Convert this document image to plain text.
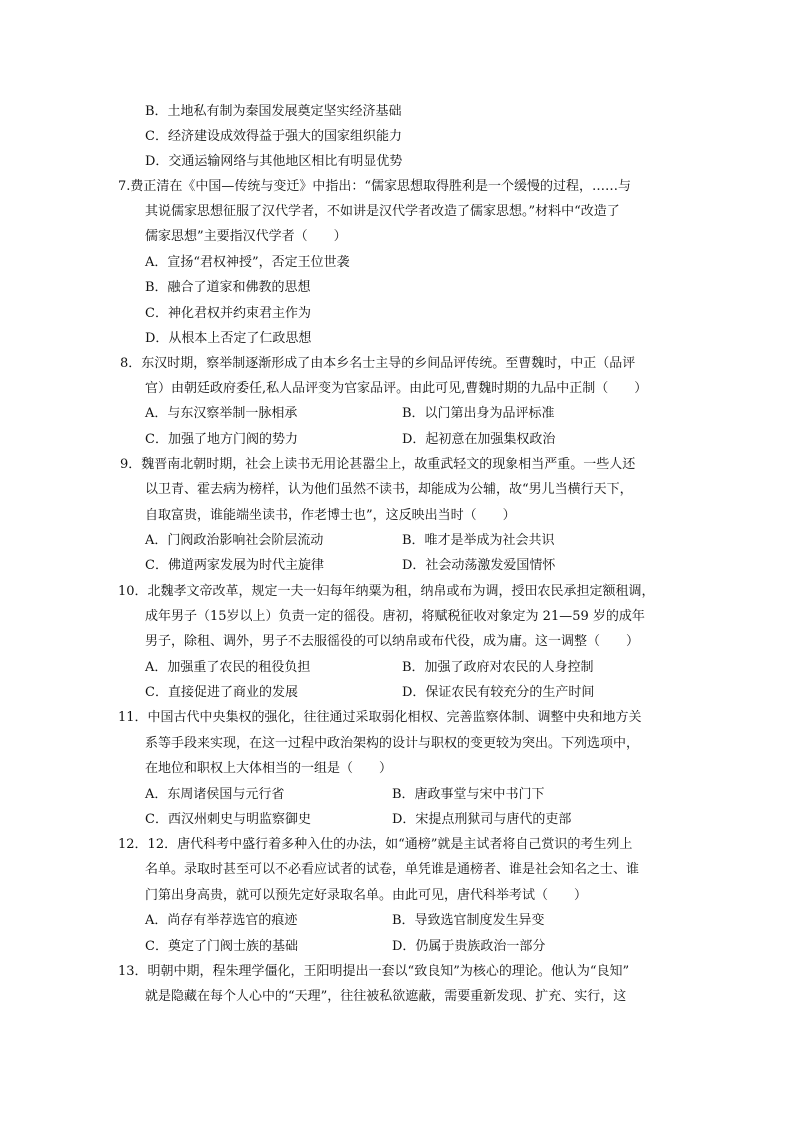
B．土地私有制为秦国发展奠定坚实经济基础
C．经济建设成效得益于强大的国家组织能力
D．交通运输网络与其他地区相比有明显优势
7.费正清在《中国—传统与变迁》中指出：“儒家思想取得胜利是一个缓慢的过程，……与
其说儒家思想征服了汉代学者，不如讲是汉代学者改造了儒家思想。”材料中“改造了
儒家思想”主要指汉代学者（　　）
A．宣扬“君权神授”，否定王位世袭
B．融合了道家和佛教的思想
C．神化君权并约束君主作为
D．从根本上否定了仁政思想
8．东汉时期，察举制逐渐形成了由本乡名士主导的乡间品评传统。至曹魏时，中正（品评
官）由朝廷政府委任,私人品评变为官家品评。由此可见,曹魏时期的九品中正制（　　）
A．与东汉察举制一脉相承	B．以门第出身为品评标准
C．加强了地方门阀的势力	D．起初意在加强集权政治
9．魏晋南北朝时期，社会上读书无用论甚嚣尘上，故重武轻文的现象相当严重。一些人还
以卫青、霍去病为榜样，认为他们虽然不读书，却能成为公辅，故“男儿当横行天下，
自取富贵，谁能端坐读书，作老博士也”，这反映出当时（　　）
A．门阀政治影响社会阶层流动	B．唯才是举成为社会共识
C．佛道两家发展为时代主旋律	D．社会动荡激发爱国情怀
10．北魏孝文帝改革，规定一夫一妇每年纳粟为租，纳帛或布为调，授田农民承担定额租调，
成年男子（15岁以上）负责一定的徭役。唐初，将赋税征收对象定为 21—59 岁的成年
男子，除租、调外，男子不去服徭役的可以纳帛或布代役，成为庸。这一调整（　　）
A．加强重了农民的租役负担	B．加强了政府对农民的人身控制
C．直接促进了商业的发展	D．保证农民有较充分的生产时间
11．中国古代中央集权的强化，往往通过采取弱化相权、完善监察体制、调整中央和地方关
系等手段来实现，在这一过程中政治架构的设计与职权的变更较为突出。下列选项中，
在地位和职权上大体相当的一组是（　　）
A．东周诸侯国与元行省	B．唐政事堂与宋中书门下
C．西汉州刺史与明监察御史	D．宋提点刑狱司与唐代的吏部
12．12．唐代科考中盛行着多种入仕的办法，如“通榜”就是主试者将自己赏识的考生列上
名单。录取时甚至可以不必看应试者的试卷，单凭谁是通榜者、谁是社会知名之士、谁
门第出身高贵，就可以预先定好录取名单。由此可见，唐代科举考试（　　）
A．尚存有举荐选官的痕迹	B．导致选官制度发生异变
C．奠定了门阀士族的基础	D．仍属于贵族政治一部分
13．明朝中期，程朱理学僵化，王阳明提出一套以“致良知”为核心的理论。他认为“良知”
就是隐藏在每个人心中的“天理”，往往被私欲遮蔽，需要重新发现、扩充、实行，这
